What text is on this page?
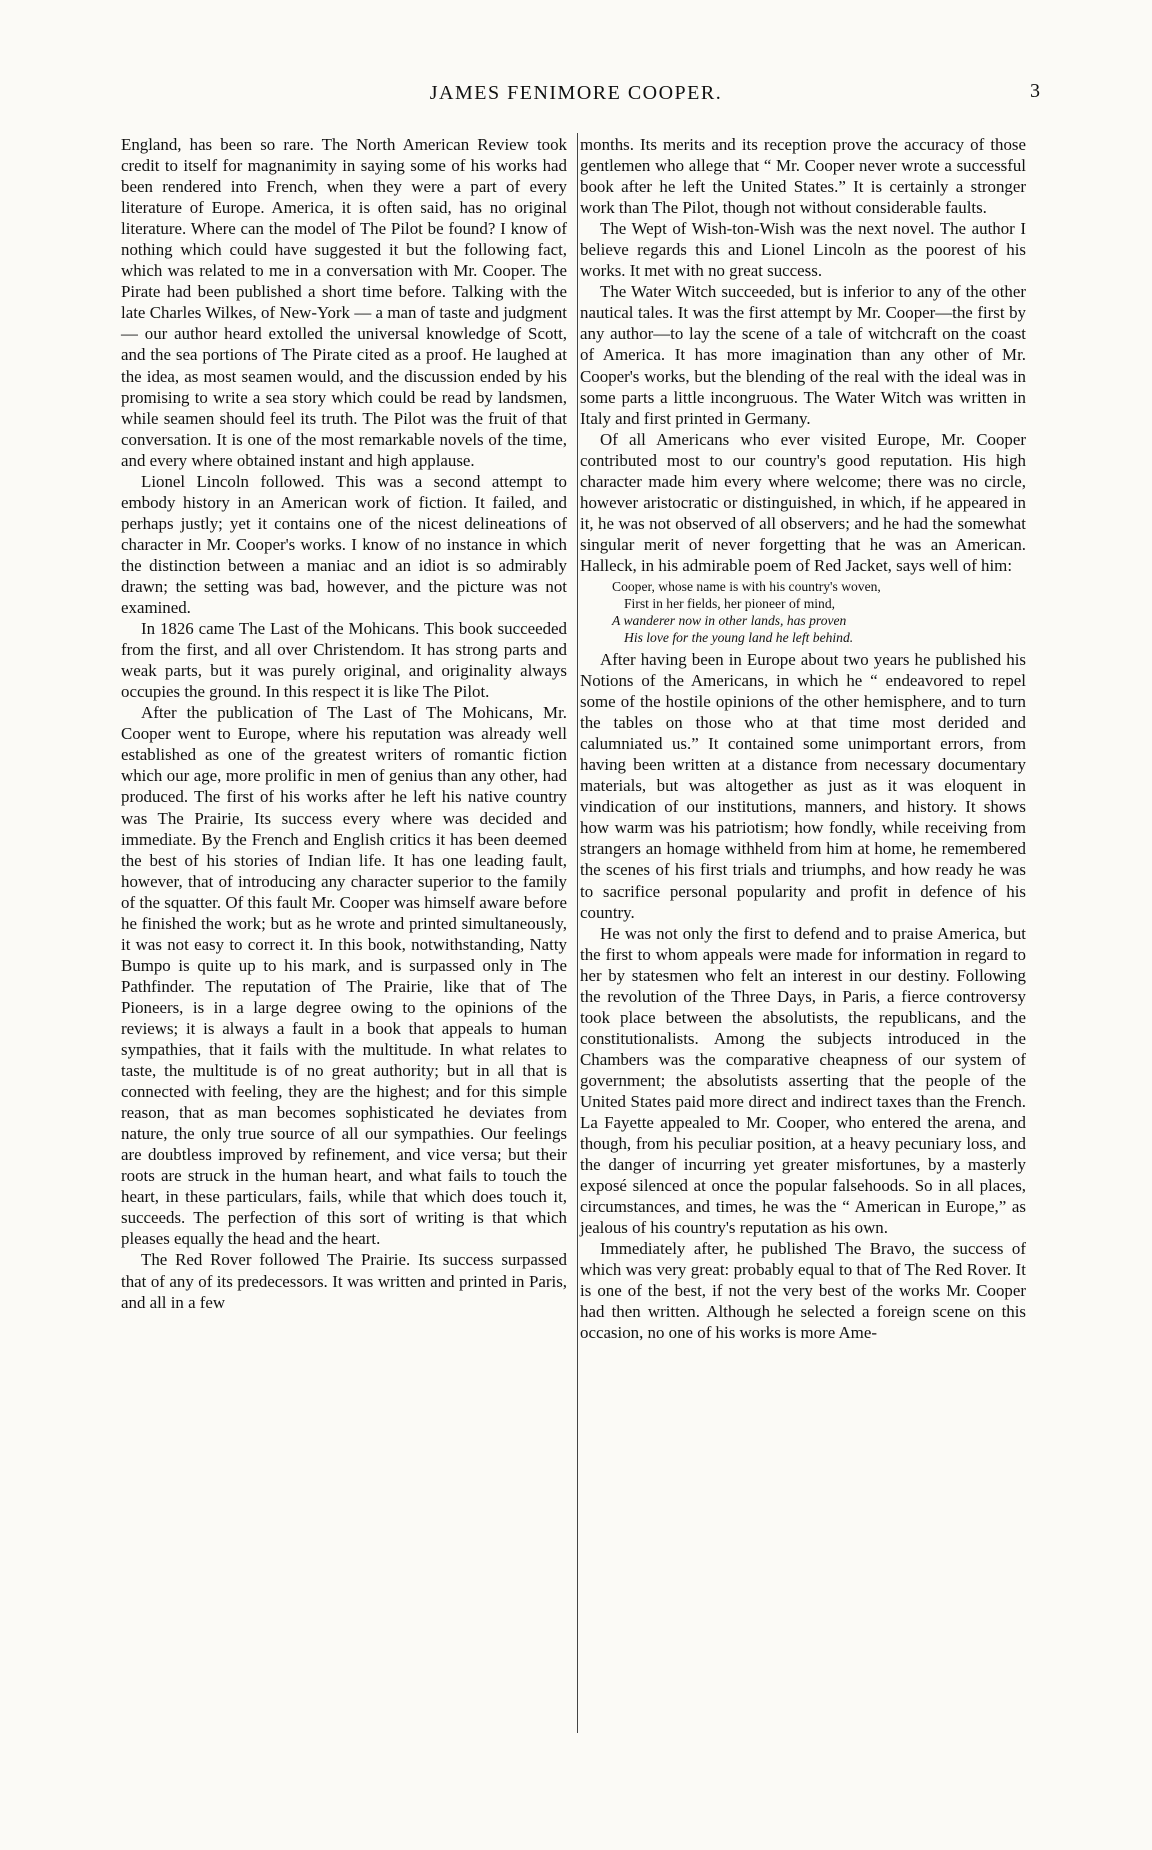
JAMES FENIMORE COOPER.	3

England, has been so rare. The North American Review took credit to itself for magnanimity in saying some of his works had been rendered into French, when they were a part of every literature of Europe. America, it is often said, has no original literature. Where can the model of The Pilot be found? I know of nothing which could have suggested it but the following fact, which was related to me in a conversation with Mr. Cooper. The Pirate had been published a short time before. Talking with the late Charles Wilkes, of New-York — a man of taste and judgment — our author heard extolled the universal knowledge of Scott, and the sea portions of The Pirate cited as a proof. He laughed at the idea, as most seamen would, and the discussion ended by his promising to write a sea story which could be read by landsmen, while seamen should feel its truth. The Pilot was the fruit of that conversation. It is one of the most remarkable novels of the time, and every where obtained instant and high applause.

Lionel Lincoln followed. This was a second attempt to embody history in an American work of fiction. It failed, and perhaps justly; yet it contains one of the nicest delineations of character in Mr. Cooper's works. I know of no instance in which the distinction between a maniac and an idiot is so admirably drawn; the setting was bad, however, and the picture was not examined.

In 1826 came The Last of the Mohicans. This book succeeded from the first, and all over Christendom. It has strong parts and weak parts, but it was purely original, and originality always occupies the ground. In this respect it is like The Pilot.

After the publication of The Last of The Mohicans, Mr. Cooper went to Europe, where his reputation was already well established as one of the greatest writers of romantic fiction which our age, more prolific in men of genius than any other, had produced. The first of his works after he left his native country was The Prairie, Its success every where was decided and immediate. By the French and English critics it has been deemed the best of his stories of Indian life. It has one leading fault, however, that of introducing any character superior to the family of the squatter. Of this fault Mr. Cooper was himself aware before he finished the work; but as he wrote and printed simultaneously, it was not easy to correct it. In this book, notwithstanding, Natty Bumpo is quite up to his mark, and is surpassed only in The Pathfinder. The reputation of The Prairie, like that of The Pioneers, is in a large degree owing to the opinions of the reviews; it is always a fault in a book that appeals to human sympathies, that it fails with the multitude. In what relates to taste, the multitude is of no great authority; but in all that is connected with feeling, they are the highest; and for this simple reason, that as man becomes sophisticated he deviates from nature, the only true source of all our sympathies. Our feelings are doubtless improved by refinement, and vice versa; but their roots are struck in the human heart, and what fails to touch the heart, in these particulars, fails, while that which does touch it, succeeds. The perfection of this sort of writing is that which pleases equally the head and the heart.

The Red Rover followed The Prairie. Its success surpassed that of any of its predecessors. It was written and printed in Paris, and all in a few

months. Its merits and its reception prove the accuracy of those gentlemen who allege that “ Mr. Cooper never wrote a successful book after he left the United States.” It is certainly a stronger work than The Pilot, though not without considerable faults.

The Wept of Wish-ton-Wish was the next novel. The author I believe regards this and Lionel Lincoln as the poorest of his works. It met with no great success.

The Water Witch succeeded, but is inferior to any of the other nautical tales. It was the first attempt by Mr. Cooper—the first by any author—to lay the scene of a tale of witchcraft on the coast of America. It has more imagination than any other of Mr. Cooper's works, but the blending of the real with the ideal was in some parts a little incongruous. The Water Witch was written in Italy and first printed in Germany.

Of all Americans who ever visited Europe, Mr. Cooper contributed most to our country's good reputation. His high character made him every where welcome; there was no circle, however aristocratic or distinguished, in which, if he appeared in it, he was not observed of all observers; and he had the somewhat singular merit of never forgetting that he was an American. Halleck, in his admirable poem of Red Jacket, says well of him:

Cooper, whose name is with his country's woven,
First in her fields, her pioneer of mind,
A wanderer now in other lands, has proven
His love for the young land he left behind.

After having been in Europe about two years he published his Notions of the Americans, in which he “ endeavored to repel some of the hostile opinions of the other hemisphere, and to turn the tables on those who at that time most derided and calumniated us.” It contained some unimportant errors, from having been written at a distance from necessary documentary materials, but was altogether as just as it was eloquent in vindication of our institutions, manners, and history. It shows how warm was his patriotism; how fondly, while receiving from strangers an homage withheld from him at home, he remembered the scenes of his first trials and triumphs, and how ready he was to sacrifice personal popularity and profit in defence of his country.

He was not only the first to defend and to praise America, but the first to whom appeals were made for information in regard to her by statesmen who felt an interest in our destiny. Following the revolution of the Three Days, in Paris, a fierce controversy took place between the absolutists, the republicans, and the constitutionalists. Among the subjects introduced in the Chambers was the comparative cheapness of our system of government; the absolutists asserting that the people of the United States paid more direct and indirect taxes than the French. La Fayette appealed to Mr. Cooper, who entered the arena, and though, from his peculiar position, at a heavy pecuniary loss, and the danger of incurring yet greater misfortunes, by a masterly exposé silenced at once the popular falsehoods. So in all places, circumstances, and times, he was the “ American in Europe,” as jealous of his country's reputation as his own.

Immediately after, he published The Bravo, the success of which was very great: probably equal to that of The Red Rover. It is one of the best, if not the very best of the works Mr. Cooper had then written. Although he selected a foreign scene on this occasion, no one of his works is more Ame-
